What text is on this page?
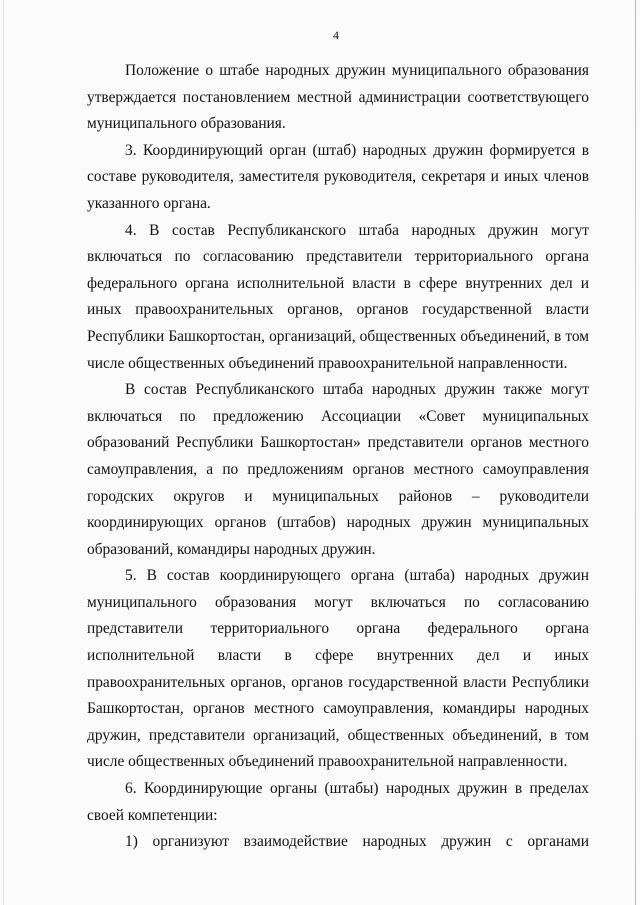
4

Положение о штабе народных дружин муниципального образования утверждается постановлением местной администрации соответствующего муниципального образования.

3. Координирующий орган (штаб) народных дружин формируется в составе руководителя, заместителя руководителя, секретаря и иных членов указанного органа.

4. В состав Республиканского штаба народных дружин могут включаться по согласованию представители территориального органа федерального органа исполнительной власти в сфере внутренних дел и иных правоохранительных органов, органов государственной власти Республики Башкортостан, организаций, общественных объединений, в том числе общественных объединений правоохранительной направленности.

В состав Республиканского штаба народных дружин также могут включаться по предложению Ассоциации «Совет муниципальных образований Республики Башкортостан» представители органов местного самоуправления, а по предложениям органов местного самоуправления городских округов и муниципальных районов – руководители координирующих органов (штабов) народных дружин муниципальных образований, командиры народных дружин.

5. В состав координирующего органа (штаба) народных дружин муниципального образования могут включаться по согласованию представители территориального органа федерального органа исполнительной власти в сфере внутренних дел и иных правоохранительных органов, органов государственной власти Республики Башкортостан, органов местного самоуправления, командиры народных дружин, представители организаций, общественных объединений, в том числе общественных объединений правоохранительной направленности.

6. Координирующие органы (штабы) народных дружин в пределах своей компетенции:

1) организуют взаимодействие народных дружин с органами
